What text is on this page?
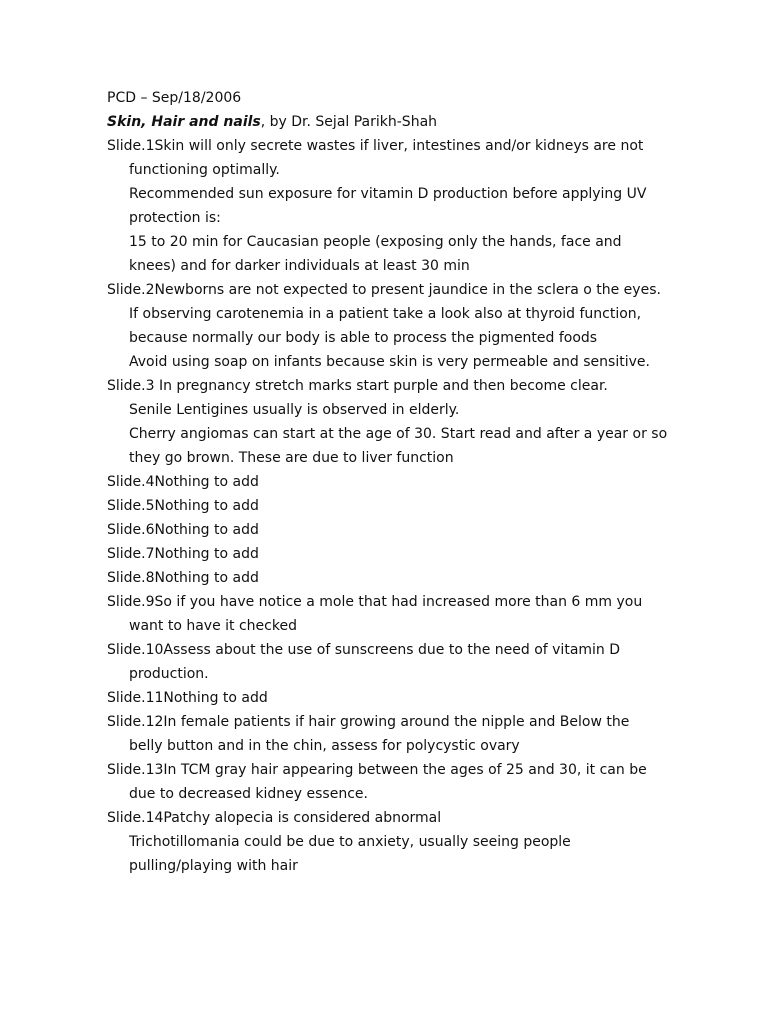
PCD – Sep/18/2006
Skin, Hair and nails, by Dr. Sejal Parikh-Shah
Slide.1Skin will only secrete wastes if liver, intestines and/or kidneys are not
functioning optimally.
Recommended sun exposure for vitamin D production before applying UV
protection is:
15 to 20 min for Caucasian people (exposing only the hands, face and
knees) and for darker individuals at least 30 min
Slide.2Newborns are not expected to present jaundice in the sclera o the eyes.
If observing carotenemia in a patient take a look also at thyroid function,
because normally our body is able to process the pigmented foods
Avoid using soap on infants because skin is very permeable and sensitive.
Slide.3 In pregnancy stretch marks start purple and then become clear.
Senile Lentigines usually is observed in elderly.
Cherry angiomas can start at the age of 30. Start read and after a year or so
they go brown. These are due to liver function
Slide.4Nothing to add
Slide.5Nothing to add
Slide.6Nothing to add
Slide.7Nothing to add
Slide.8Nothing to add
Slide.9So if you have notice a mole that had increased more than 6 mm you
want to have it checked
Slide.10Assess about the use of sunscreens due to the need of vitamin D
production.
Slide.11Nothing to add
Slide.12In female patients if hair growing around the nipple and Below the
belly button and in the chin, assess for polycystic ovary
Slide.13In TCM gray hair appearing between the ages of 25 and 30, it can be
due to decreased kidney essence.
Slide.14Patchy alopecia is considered abnormal
Trichotillomania could be due to anxiety, usually seeing people
pulling/playing with hair
